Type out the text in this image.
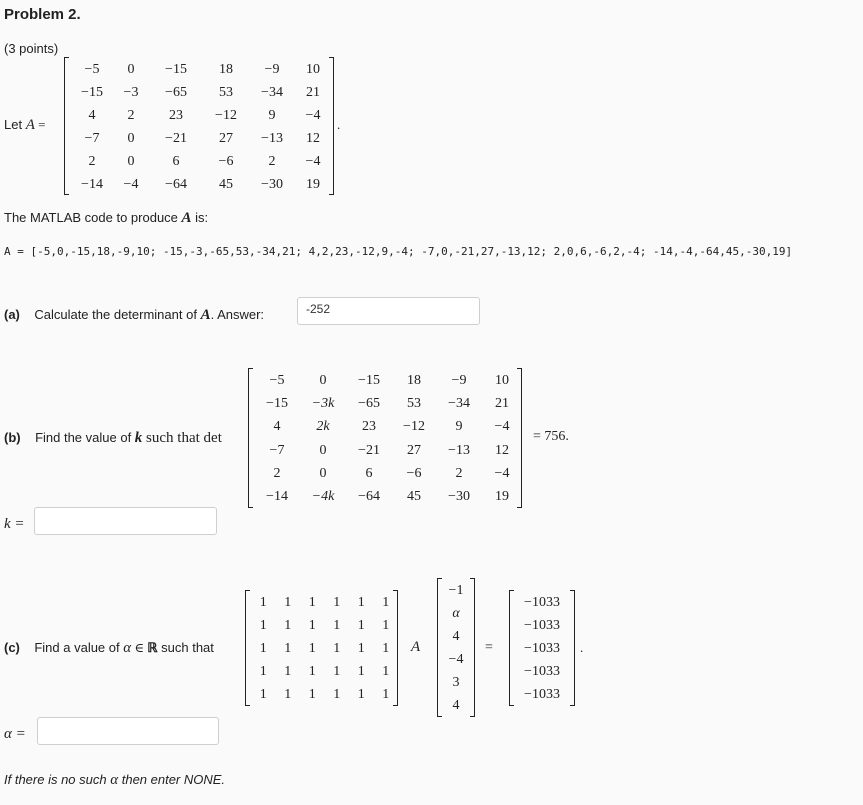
Problem 2.
(3 points)
Let A =
−5	0	−15	18	−9	10
−15	−3	−65	53	−34	21
4	2	23	−12	9	−4
−7	0	−21	27	−13	12
2	0	6	−6	2	−4
−14	−4	−64	45	−30	19
.
The MATLAB code to produce A is:
A = [-5,0,-15,18,-9,10; -15,-3,-65,53,-34,21; 4,2,23,-12,9,-4; -7,0,-21,27,-13,12; 2,0,6,-6,2,-4; -14,-4,-64,45,-30,19]
(a) Calculate the determinant of A. Answer:	-252
(b) Find the value of k such that det
−5	0	−15	18	−9	10
−15	−3k	−65	53	−34	21
4	2k	23	−12	9	−4
−7	0	−21	27	−13	12
2	0	6	−6	2	−4
−14	−4k	−64	45	−30	19
= 756.
k =
(c) Find a value of α ∈ ℝ such that
1	1	1	1	1	1
1	1	1	1	1	1
1	1	1	1	1	1
1	1	1	1	1	1
1	1	1	1	1	1
A
−1
α
4
−4
3
4
=
−1033
−1033
−1033
−1033
−1033
.
α =
If there is no such α then enter NONE.
